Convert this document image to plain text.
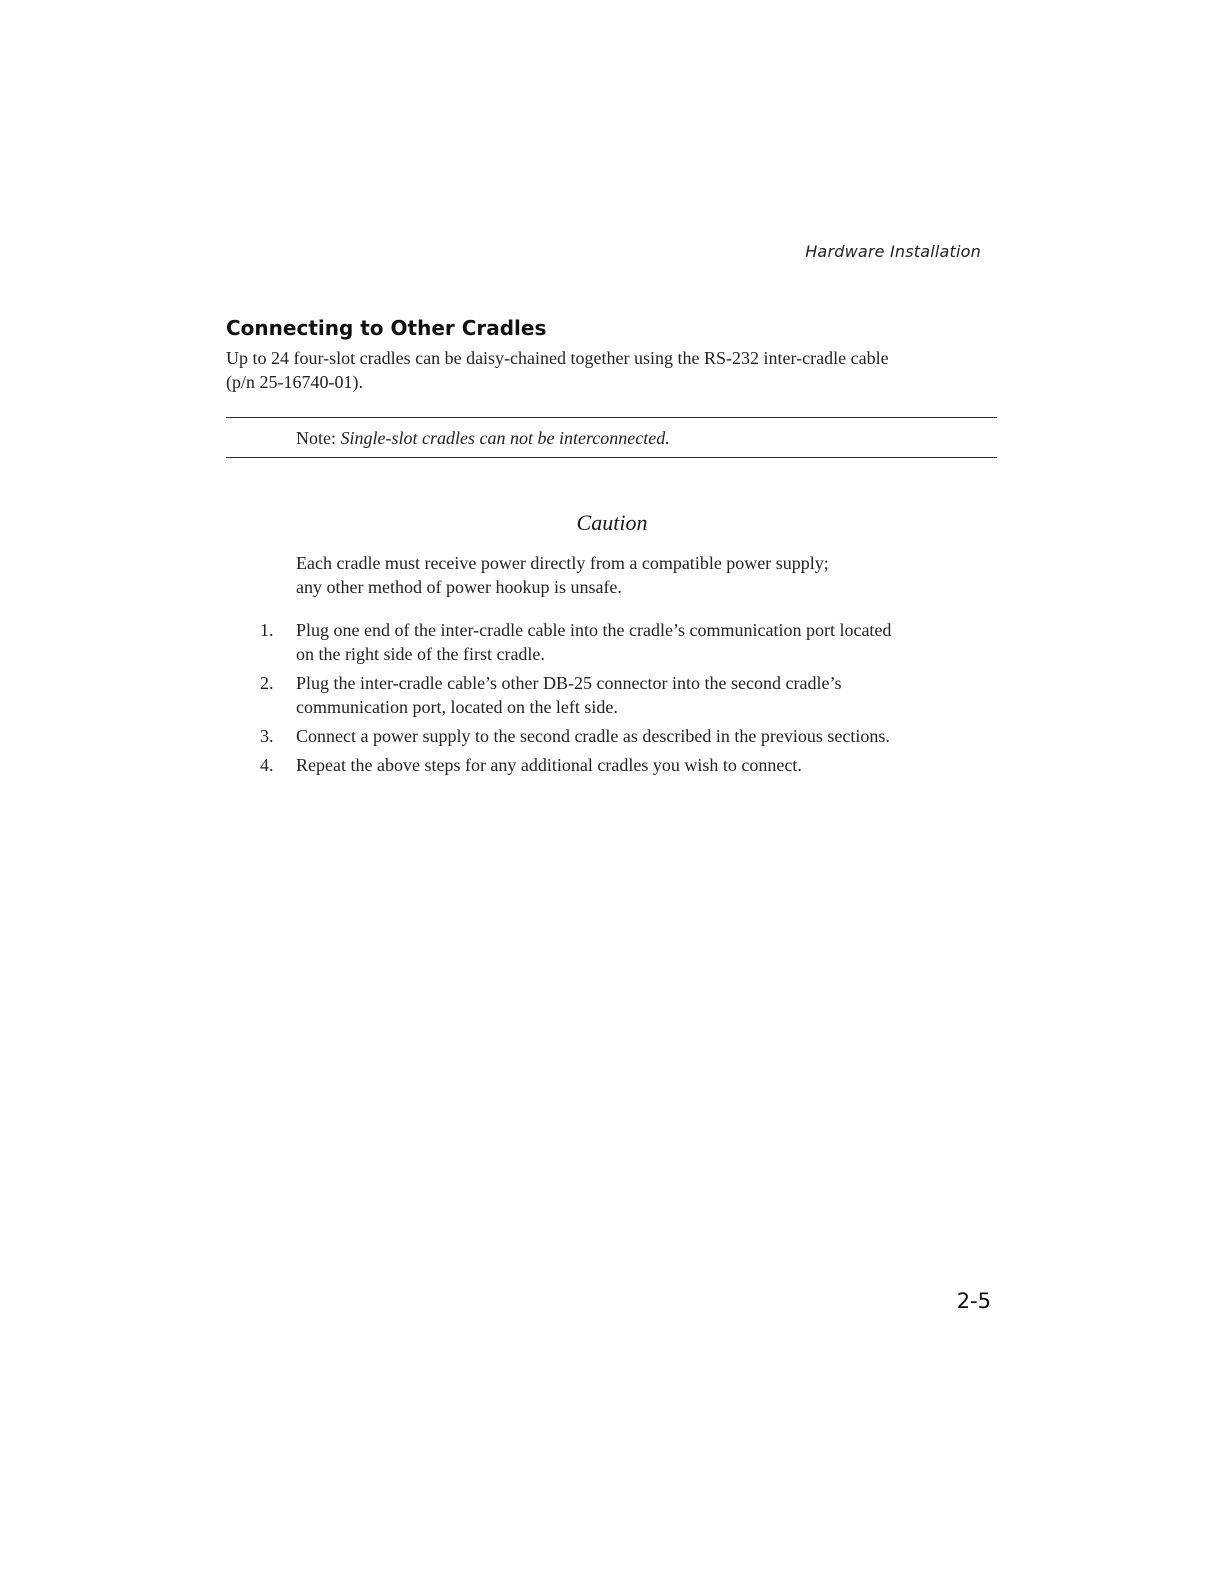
Hardware Installation
Connecting to Other Cradles

Up to 24 four-slot cradles can be daisy-chained together using the RS-232 inter-cradle cable
(p/n 25-16740-01).

Note: Single-slot cradles can not be interconnected.
Caution

Each cradle must receive power directly from a compatible power supply;
any other method of power hookup is unsafe.

1. Plug one end of the inter-cradle cable into the cradle’s communication port located
on the right side of the first cradle.
2. Plug the inter-cradle cable’s other DB-25 connector into the second cradle’s
communication port, located on the left side.
3. Connect a power supply to the second cradle as described in the previous sections.
4. Repeat the above steps for any additional cradles you wish to connect.
2-5
